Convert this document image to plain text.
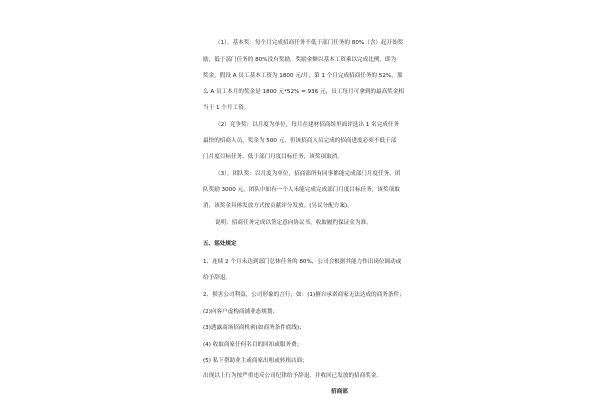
（1）。基本奖：每个月完成招商任务不低于部门任务的 80%（含）起开始奖
励，低于部门任务的 80%没有奖励，奖励金额以基本工资乘以完成比例，即为
奖金，假设 A 员工基本工资为 1800 元/月，第 1 个月完成招商任务的 52%，那
么 A 员工本月的奖金是 1800 元*52% = 936 元，员工每月可拿到的最高奖金相
当于 1 个月工资。
（2）竞争奖：以月度为单位，每月在建材招商组里面评选出 1 名完成任务
最快的招商人员，奖金为 500 元，但该招商人员完成的招商进度必须不低于部
门月度目标任务，低于部门月度目标任务，该奖项取消。
（3）。团队奖：以月度为单位，招商部所有同事都能完成部门月度任务，团
队奖励 3000 元，团队中如有一个人未能完成完成部门月度目标任务，该奖项取
消，该奖金具体发放方式按贡献评分发放。(另议分配方案)。
说明：招商任务完成以签定意向协议书，收取履约保证金为准。
五、惩处规定
1、连续 2 个月未达到部门总体任务的 80%，公司会根据其能力作出岗位调动或
给予辞退。
2、损害公司利益，公司形象的言行，如：(1)擅自承诺商家无法达成的商务条件；
(2)向客户虚构商铺业态规划；
(3)透露商场招商机密(如商务条件底线)；
(4) 收取商家任何名目的回扣或服务费；
(5) 私下帮助业主或商家出租或转租店面；
出现以上行为按严重违反公司纪律给予辞退，并收回已发放的招商奖金。
招商部
